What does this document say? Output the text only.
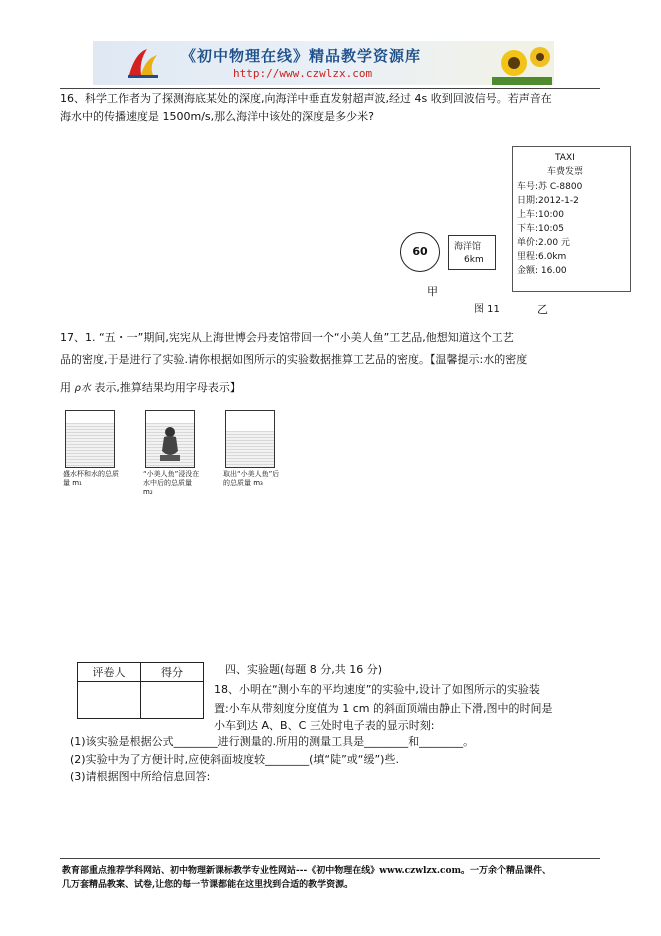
《初中物理在线》精品教学资源库
http://www.czwlzx.com
16、科学工作者为了探测海底某处的深度,向海洋中垂直发射超声波,经过 4s 收到回波信号。若声音在
海水中的传播速度是 1500m/s,那么海洋中该处的深度是多少米?
60	海洋馆
6km
甲
图 11	乙
TAXI
车费发票
车号:苏 C-8800
日期:2012-1-2
上车:10:00
下车:10:05
单价:2.00 元
里程:6.0km
金额: 16.00
17、1. “五・一”期间,宪宪从上海世博会丹麦馆带回一个“小美人鱼”工艺品,他想知道这个工艺
品的密度,于是进行了实验.请你根据如图所示的实验数据推算工艺品的密度。【温馨提示:水的密度
用 ρ水 表示,推算结果均用字母表示】
盛水杯和水的总质量 m₁
“小美人鱼”浸没在水中后的总质量 m₂
取出“小美人鱼”后的总质量 m₃
评卷人	得分
		四、实验题(每题 8 分,共 16 分)
18、小明在“测小车的平均速度”的实验中,设计了如图所示的实验装
置:小车从带刻度分度值为 1 cm 的斜面顶端由静止下滑,图中的时间是
小车到达 A、B、C 三处时电子表的显示时刻:
(1)该实验是根据公式________进行测量的.所用的测量工具是________和________。
(2)实验中为了方便计时,应使斜面坡度较________(填“陡”或“缓”)些.
(3)请根据图中所给信息回答:
教育部重点推荐学科网站、初中物理新课标教学专业性网站---《初中物理在线》www.czwlzx.com。一万余个精品课件、
几万套精品教案、试卷,让您的每一节课都能在这里找到合适的教学资源。
